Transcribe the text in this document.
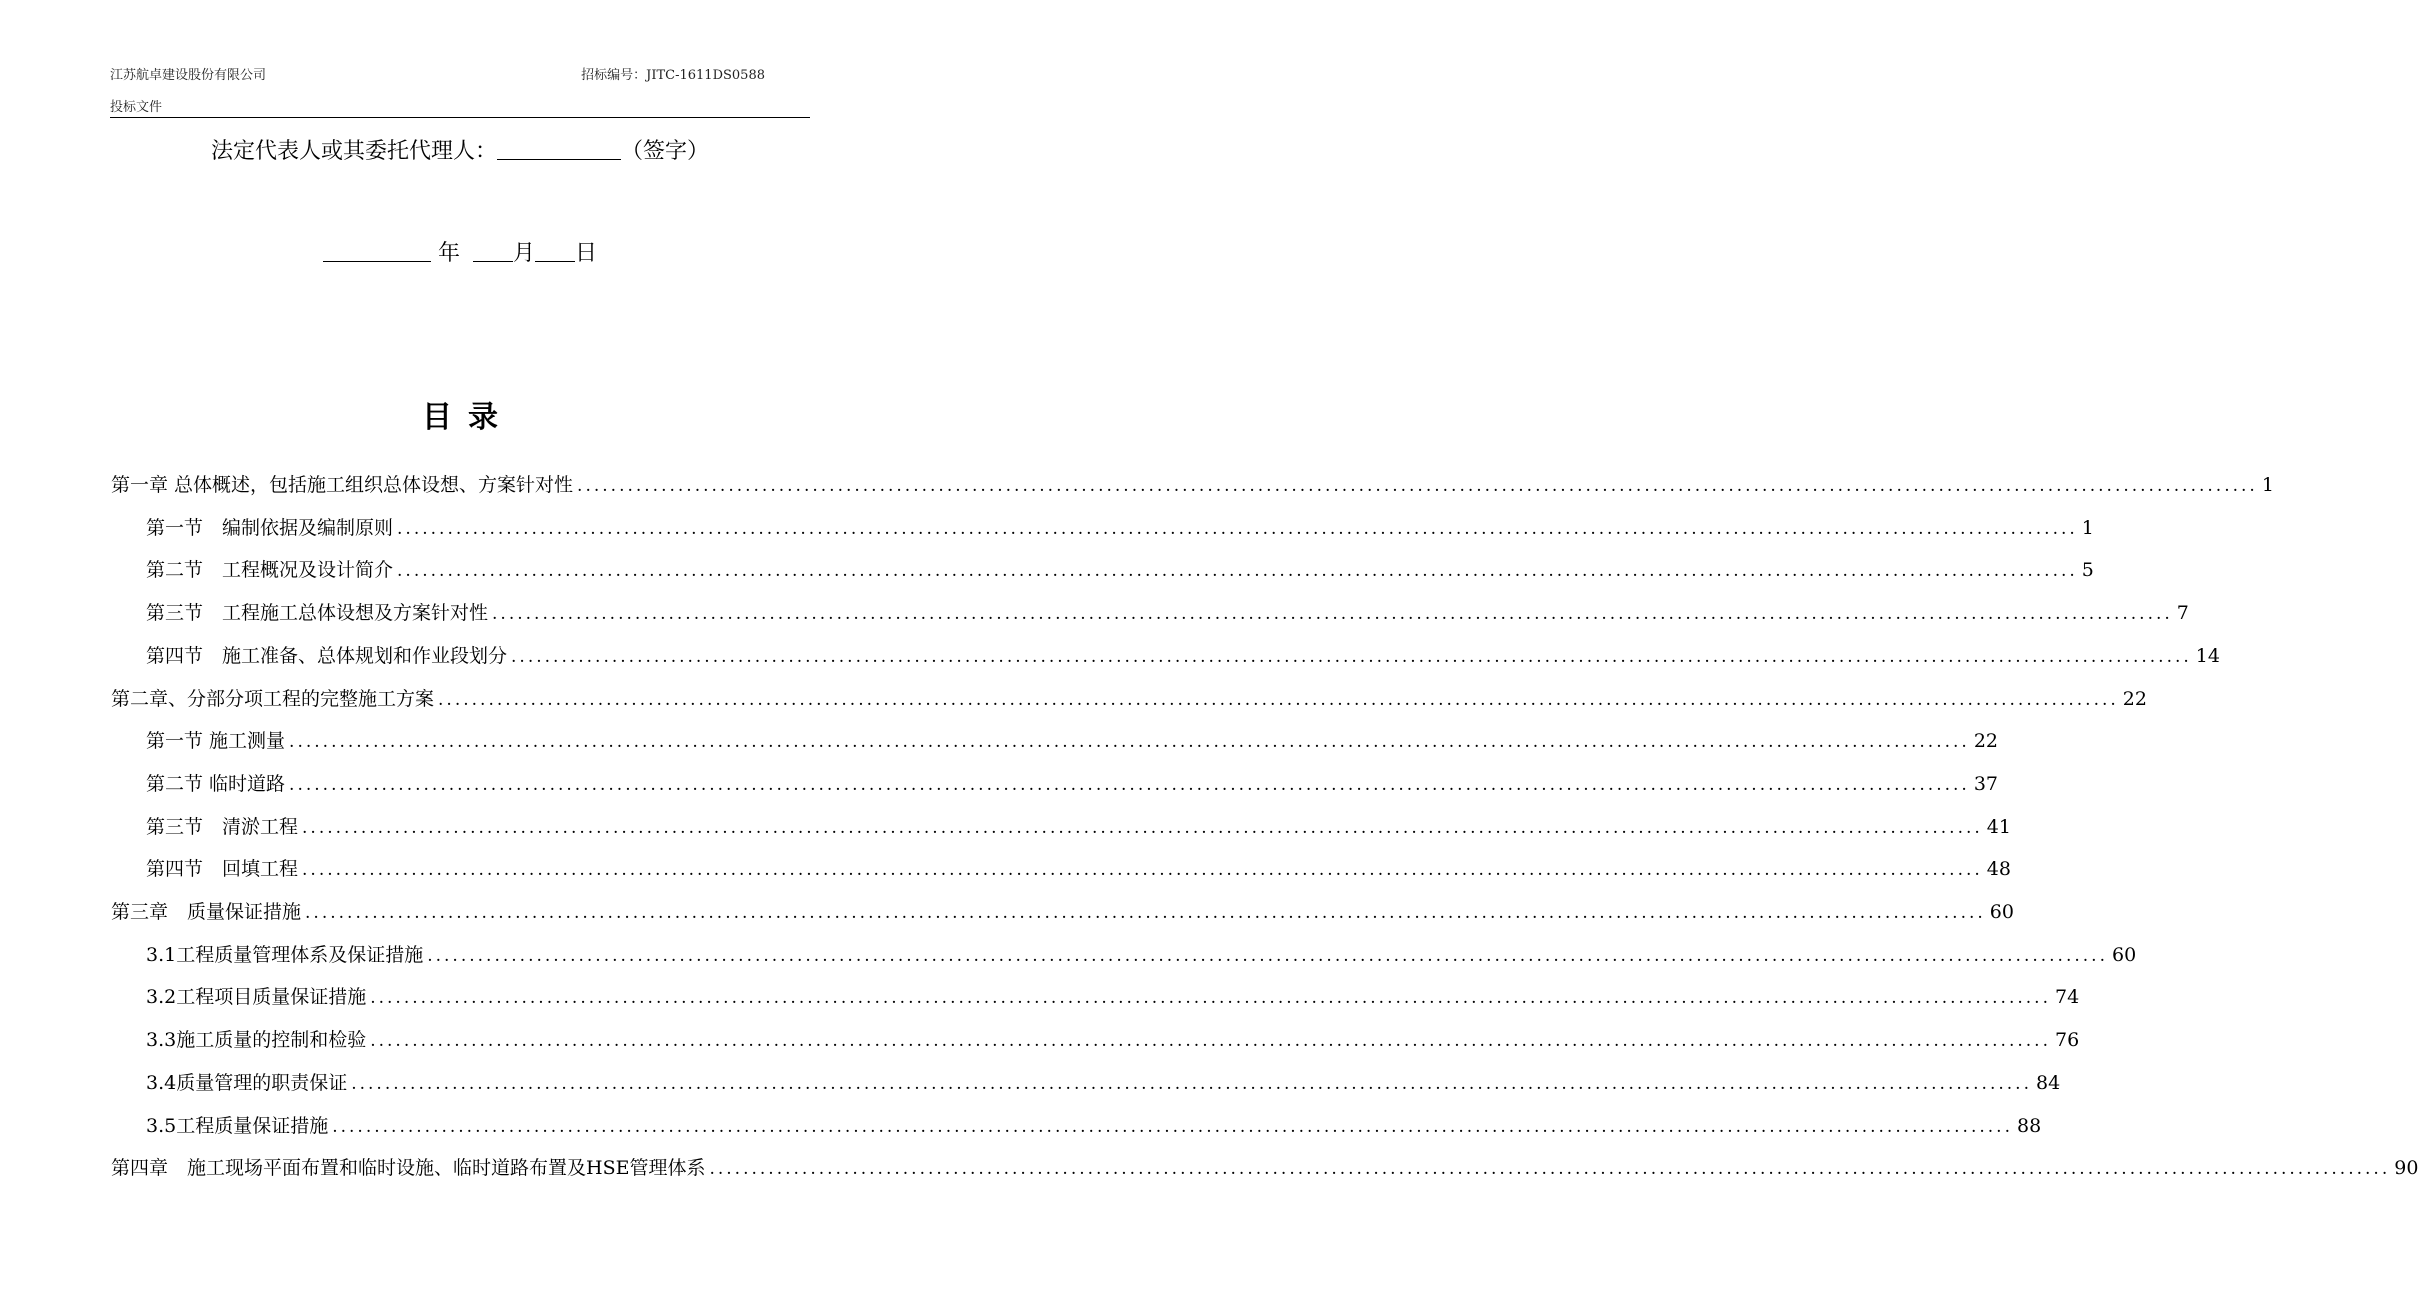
江苏航卓建设股份有限公司	招标编号：JITC-1611DS0588
投标文件
法定代表人或其委托代理人：	（签字）
年 月 日
目录
第一章 总体概述，包括施工组织总体设想、方案针对性 ........................................................................................................................................................................................................ 1
第一节　编制依据及编制原则 ........................................................................................................................................................................................................ 1
第二节　工程概况及设计简介 ........................................................................................................................................................................................................ 5
第三节　工程施工总体设想及方案针对性 ........................................................................................................................................................................................................ 7
第四节　施工准备、总体规划和作业段划分 ........................................................................................................................................................................................................ 14
第二章、分部分项工程的完整施工方案 ........................................................................................................................................................................................................ 22
第一节 施工测量 ........................................................................................................................................................................................................ 22
第二节 临时道路 ........................................................................................................................................................................................................ 37
第三节　清淤工程 ........................................................................................................................................................................................................ 41
第四节　回填工程 ........................................................................................................................................................................................................ 48
第三章　质量保证措施 ........................................................................................................................................................................................................ 60
3.1工程质量管理体系及保证措施 ........................................................................................................................................................................................................ 60
3.2工程项目质量保证措施 ........................................................................................................................................................................................................ 74
3.3施工质量的控制和检验 ........................................................................................................................................................................................................ 76
3.4质量管理的职责保证 ........................................................................................................................................................................................................ 84
3.5工程质量保证措施 ........................................................................................................................................................................................................ 88
第四章　施工现场平面布置和临时设施、临时道路布置及HSE管理体系 ........................................................................................................................................................................................................ 90
